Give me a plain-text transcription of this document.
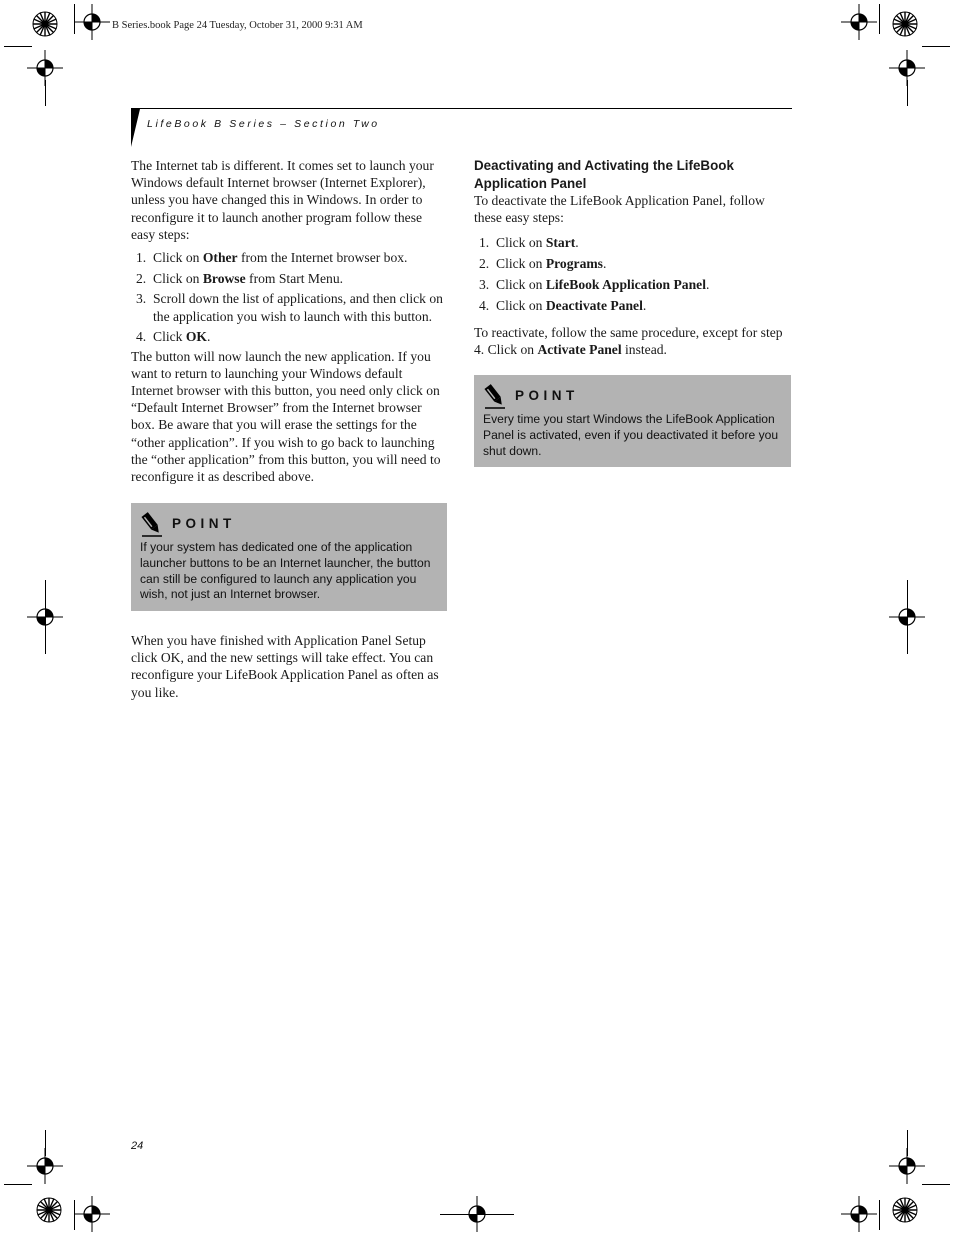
B Series.book Page 24 Tuesday, October 31, 2000 9:31 AM
LifeBook B Series – Section Two

The Internet tab is different. It comes set to launch your Windows default Internet browser (Internet Explorer), unless you have changed this in Windows. In order to reconfigure it to launch another program follow these easy steps:

1. Click on Other from the Internet browser box.
2. Click on Browse from Start Menu.
3. Scroll down the list of applications, and then click on the application you wish to launch with this button.
4. Click OK.

The button will now launch the new application. If you want to return to launching your Windows default Internet browser with this button, you need only click on “Default Internet Browser” from the Internet browser box. Be aware that you will erase the settings for the “other application”. If you wish to go back to launching the “other application” from this button, you will need to reconfigure it as described above.

POINT
If your system has dedicated one of the application launcher buttons to be an Internet launcher, the button can still be configured to launch any application you wish, not just an Internet browser.

When you have finished with Application Panel Setup click OK, and the new settings will take effect. You can reconfigure your LifeBook Application Panel as often as you like.

Deactivating and Activating the LifeBook Application Panel

To deactivate the LifeBook Application Panel, follow these easy steps:

1. Click on Start.
2. Click on Programs.
3. Click on LifeBook Application Panel.
4. Click on Deactivate Panel.

To reactivate, follow the same procedure, except for step 4. Click on Activate Panel instead.

POINT
Every time you start Windows the LifeBook Application Panel is activated, even if you deactivated it before you shut down.
24
